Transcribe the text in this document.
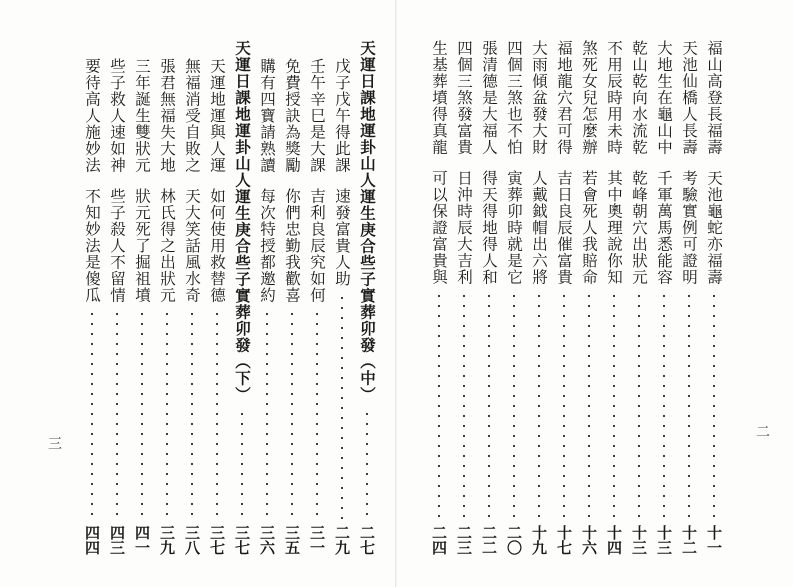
天運日課地運卦山人運生庚合些子實葬卯發（中）
二七
戊子戊午得此課
速發富貴人助
二九
壬午辛巳是大課
吉利良辰究如何
三一
免費授訣為獎勵
你們忠勤我歡喜
三五
購有四寶請熟讀
每次特授都邀約
三六
天運日課地運卦山人運生庚合些子實葬卯發（下）
三七
天運地運與人運
如何使用救替德
三七
無福消受自敗之
天大笑話風水奇
三八
張君無福失大地
林氏得之出狀元
三九
三年誕生雙狀元
狀元死了掘祖墳
四一
些子救人速如神
些子殺人不留情
四三
要待高人施妙法
不知妙法是傻瓜
四四
三
福山高登長福壽
天池龜蛇亦福壽
十一
天池仙橋人長壽
考驗實例可證明
十二
大地生在龜山中
千軍萬馬悉能容
十三
乾山乾向水流乾
乾峰朝穴出狀元
十三
不用辰時用未時
其中奧理說你知
十四
煞死女兒怎麼辦
若會死人我賠命
十六
福地龍穴君可得
吉日良辰催富貴
十七
大雨傾盆發大財
人戴鉞帽出六將
十九
四個三煞也不怕
寅葬卯時就是它
二〇
張清德是大福人
得天得地得人和
二二
四個三煞發富貴
日沖時辰大吉利
二三
生基葬墳得真龍
可以保證富貴與
二四
二
